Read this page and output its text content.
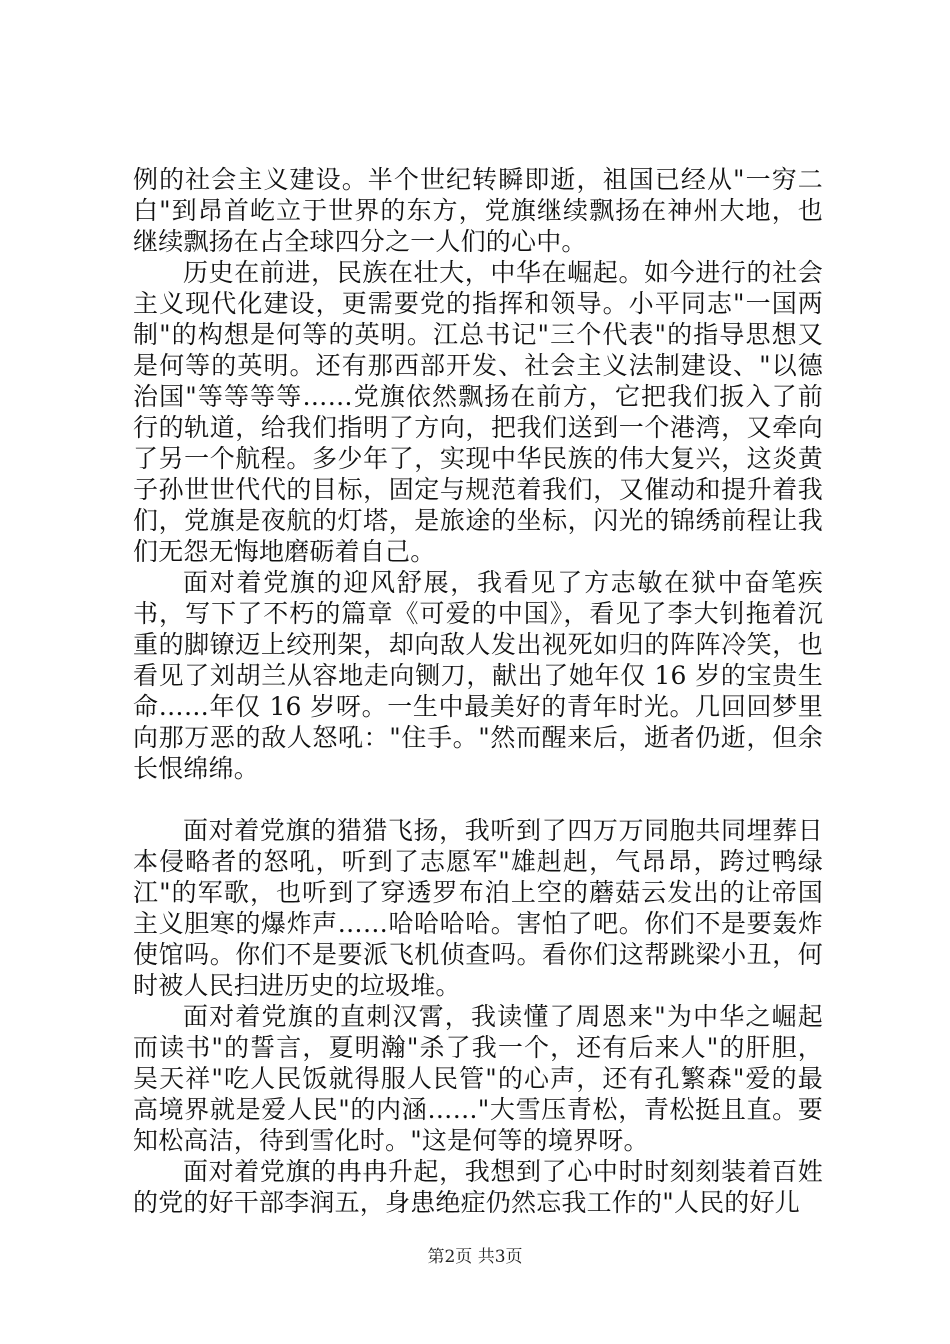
例的社会主义建设。半个世纪转瞬即逝，祖国已经从"一穷二白"到昂首屹立于世界的东方，党旗继续飘扬在神州大地，也继续飘扬在占全球四分之一人们的心中。

历史在前进，民族在壮大，中华在崛起。如今进行的社会主义现代化建设，更需要党的指挥和领导。小平同志"一国两制"的构想是何等的英明。江总书记"三个代表"的指导思想又是何等的英明。还有那西部开发、社会主义法制建设、"以德治国"等等等等……党旗依然飘扬在前方，它把我们扳入了前行的轨道，给我们指明了方向，把我们送到一个港湾，又牵向了另一个航程。多少年了，实现中华民族的伟大复兴，这炎黄子孙世世代代的目标，固定与规范着我们，又催动和提升着我们，党旗是夜航的灯塔，是旅途的坐标，闪光的锦绣前程让我们无怨无悔地磨砺着自己。

面对着党旗的迎风舒展，我看见了方志敏在狱中奋笔疾书，写下了不朽的篇章《可爱的中国》，看见了李大钊拖着沉重的脚镣迈上绞刑架，却向敌人发出视死如归的阵阵冷笑，也看见了刘胡兰从容地走向铡刀，献出了她年仅 16 岁的宝贵生命……年仅 16 岁呀。一生中最美好的青年时光。几回回梦里向那万恶的敌人怒吼："住手。"然而醒来后，逝者仍逝，但余长恨绵绵。

面对着党旗的猎猎飞扬，我听到了四万万同胞共同埋葬日本侵略者的怒吼，听到了志愿军"雄赳赳，气昂昂，跨过鸭绿江"的军歌，也听到了穿透罗布泊上空的蘑菇云发出的让帝国主义胆寒的爆炸声……哈哈哈哈。害怕了吧。你们不是要轰炸使馆吗。你们不是要派飞机侦查吗。看你们这帮跳梁小丑，何时被人民扫进历史的垃圾堆。

面对着党旗的直刺汉霄，我读懂了周恩来"为中华之崛起而读书"的誓言，夏明瀚"杀了我一个，还有后来人"的肝胆，吴天祥"吃人民饭就得服人民管"的心声，还有孔繁森"爱的最高境界就是爱人民"的内涵……"大雪压青松，青松挺且直。要知松高洁，待到雪化时。"这是何等的境界呀。

面对着党旗的冉冉升起，我想到了心中时时刻刻装着百姓的党的好干部李润五，身患绝症仍然忘我工作的"人民的好儿

第2页 共3页
